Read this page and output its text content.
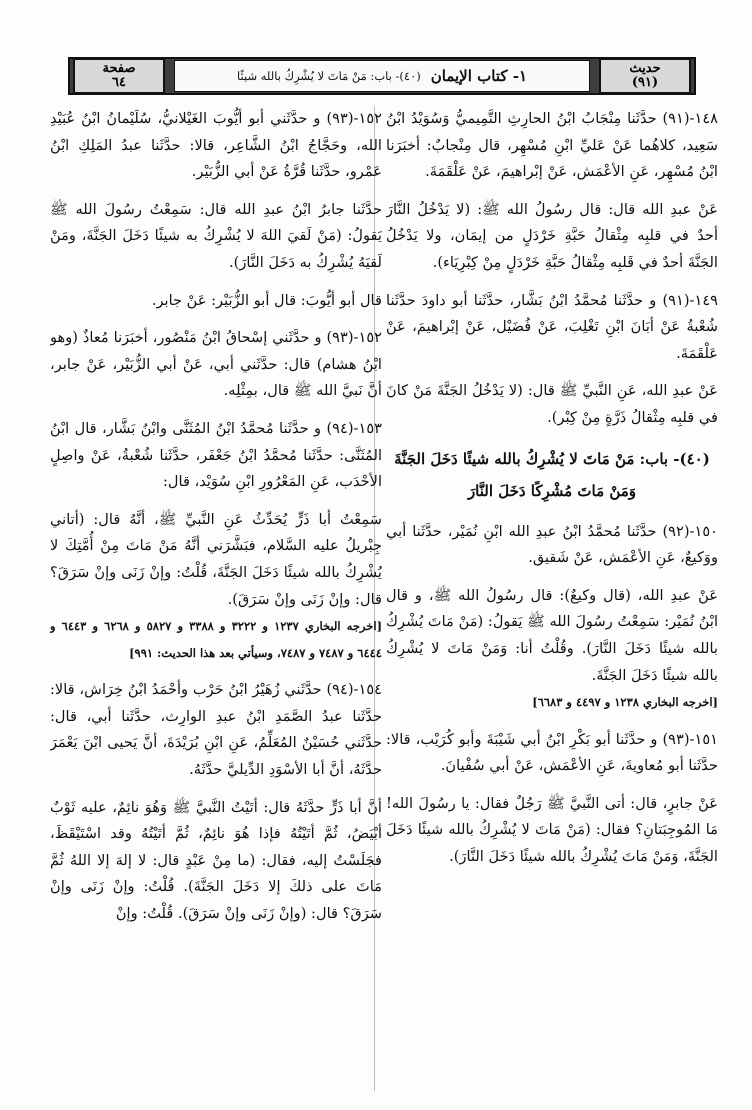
حديث
(٩١)
١- كتاب الإيمان
(٤٠)- باب: مَنْ مَاتَ لا يُشْرِكُ بالله شيئًا
صفحة
٦٤

١٤٨-(٩١) حدَّثَنا مِنْجَابُ ابْنُ الحارِثِ التَّمِيميُّ وَسُوَيْدُ ابْنُ سَعِيد، كلاهُما عَنْ عَليِّ ابْنِ مُسْهِر، قال مِنْجابٌ: أخبَرَنا ابْنُ مُسْهِر، عَنِ الأعْمَش، عَنْ إبْراهيمَ، عَنْ عَلْقَمَةَ.

عَنْ عبدِ الله قال: قال رسُولُ الله ﷺ: (لا يَدْخُلُ النَّارَ أحدٌ في قلبِه مِثْقالُ حَبَّةِ خَرْدَلٍ من إيمَان، ولا يَدْخُلُ الجَنَّةَ أحدٌ في قَلبِه مِثْقالُ حَبَّةِ خَرْدَلٍ مِنْ كِبْرِيَاء).

١٤٩-(٩١) و حدَّثَنا مُحمَّدُ ابْنُ بَشَّار، حدَّثَنا أبو داودَ حدَّثَنا شُعْبةُ عَنْ أبَانَ ابْنِ تَغْلِبَ، عَنْ فُضَيْل، عَنْ إبْراهيمَ، عَنْ عَلْقَمَةَ.

عَنْ عبدِ الله، عَنِ النَّبيِّ ﷺ قال: (لا يَدْخُلُ الجَنَّةَ مَنْ كانَ في قلبِه مِثْقالُ ذَرَّةٍ مِنْ كِبْر).

(٤٠)- باب: مَنْ مَاتَ لا يُشْرِكُ بالله شيئًا دَخَلَ الجَنَّةَ وَمَنْ مَاتَ مُشْرِكًا دَخَلَ النَّارَ

١٥٠-(٩٢) حدَّثَنا مُحمَّدُ ابْنُ عبدِ الله ابْنِ نُمَيْر، حدَّثَنا أبي ووَكيعٌ، عَنِ الأعْمَش، عَنْ شَقيق.

عَنْ عبدِ الله، (قال وكيعٌ): قال رسُولُ الله ﷺ، و قال ابْنُ نُمَيْر: سَمِعْتُ رسُولَ الله ﷺ يَقولُ: (مَنْ مَاتَ يُشْرِكُ بالله شيئًا دَخَلَ النَّارَ). وقُلْتُ أنا: وَمَنْ مَاتَ لا يُشْرِكُ بالله شيئًا دَخَلَ الجَنَّةَ.

[اخرجه البخاري ١٢٣٨ و ٤٤٩٧ و ٦٦٨٣]

١٥١-(٩٣) و حدَّثَنا أبو بَكْرِ ابْنُ أبي شَيْبَةَ وأبو كُرَيْب، قالا: حدَّثَنا أبو مُعاويةَ، عَنِ الأعْمَش، عَنْ أبي سُفْيانَ.

عَنْ جابرٍ، قال: أتى النَّبيَّ ﷺ رَجُلٌ فقال: يا رسُولَ الله! مَا المُوجِبَتانِ؟ فقال: (مَنْ مَاتَ لا يُشْرِكُ بالله شيئًا دَخَلَ الجَنَّةَ، وَمَنْ مَاتَ يُشْرِكُ بالله شيئًا دَخَلَ النَّارَ).

١٥٢-(٩٣) و حدَّثَني أبو أيُّوبَ الغَيْلانيُّ، سُلَيْمانُ ابْنُ عُبَيْدِ الله، وحَجَّاجُ ابْنُ الشَّاعِر، قالا: حدَّثَنا عبدُ المَلِكِ ابْنُ عَمْرو، حدَّثَنا قُرَّةُ عَنْ أبي الزُّبَيْر.

حدَّثَنا جابرُ ابْنُ عبدِ الله قال: سَمِعْتُ رسُولَ الله ﷺ يَقولُ: (مَنْ لَقيَ اللهَ لا يُشْرِكُ به شيئًا دَخَلَ الجَنَّةَ، ومَنْ لَقيَهُ يُشْرِكُ به دَخَلَ النَّارَ).

قال أبو أيُّوبَ: قال أبو الزُّبَيْر: عَنْ جابر.

١٥٢-(٩٣) و حدَّثَني إسْحاقُ ابْنُ مَنْصُور، أخبَرَنا مُعاذٌ (وهو ابْنُ هشام) قال: حدَّثَني أبي، عَنْ أبي الزُّبَيْر، عَنْ جابر، أنَّ نَبيَّ الله ﷺ قال، بمِثْلِه.

١٥٣-(٩٤) و حدَّثَنا مُحمَّدُ ابْنُ المُثَنَّى وابْنُ بَشَّار، قال ابْنُ المُثَنَّى: حدَّثَنا مُحمَّدُ ابْنُ جَعْفَر، حدَّثَنا شُعْبةُ، عَنْ واصِلٍ الأحْدَب، عَنِ المَعْرُورِ ابْنِ سُوَيْد، قال:

سَمِعْتُ أبا ذَرٍّ يُحَدِّثُ عَنِ النَّبيِّ ﷺ، أنَّهُ قال: (أتاني جِبْريلُ عليه السَّلام، فبَشَّرَني أنَّهُ مَنْ مَاتَ مِنْ أُمَّتِكَ لا يُشْرِكُ بالله شيئًا دَخَلَ الجَنَّةَ، قُلْتُ: وإنْ زَنَى وإنْ سَرَقَ؟ قال: وإنْ زَنَى وإنْ سَرَقَ).

[اخرجه البخاري ١٢٣٧ و ٣٢٢٢ و ٣٣٨٨ و ٥٨٢٧ و ٦٢٦٨ و ٦٤٤٣ و ٦٤٤٤ و ٧٤٨٧ و ٧٤٨٧، وسيأتي بعد هذا الحديث: ٩٩١]

١٥٤-(٩٤) حدَّثَني زُهَيْرُ ابْنُ حَرْب وأحْمَدُ ابْنُ خِرَاش، قالا: حدَّثَنا عبدُ الصَّمَدِ ابْنُ عبدِ الوارِث، حدَّثَنا أبي، قال: حدَّثَني حُسَيْنٌ المُعَلِّمُ، عَنِ ابْنِ بُرَيْدَةَ، أنَّ يَحيى ابْنَ يَعْمَرَ حدَّثَهُ، أنَّ أبا الأسْوَدِ الدِّيليَّ حدَّثَهُ.

أنَّ أبا ذَرٍّ حدَّثَهُ قال: أتَيْتُ النَّبيَّ ﷺ وَهُوَ نائِمٌ، عليه ثَوْبٌ أبْيَضُ، ثُمَّ أتَيْتُهُ فإذا هُوَ نائِمٌ، ثُمَّ أتَيْتُهُ وقد اسْتَيْقَظَ، فجَلَسْتُ إليه، فقال: (ما مِنْ عَبْدٍ قال: لا إلهَ إلا اللهُ ثُمَّ مَاتَ على ذلكَ إلا دَخَلَ الجَنَّةَ). قُلْتُ: وإنْ زَنَى وإنْ سَرَقَ؟ قال: (وإنْ زَنَى وإنْ سَرَقَ). قُلْتُ: وإنْ
